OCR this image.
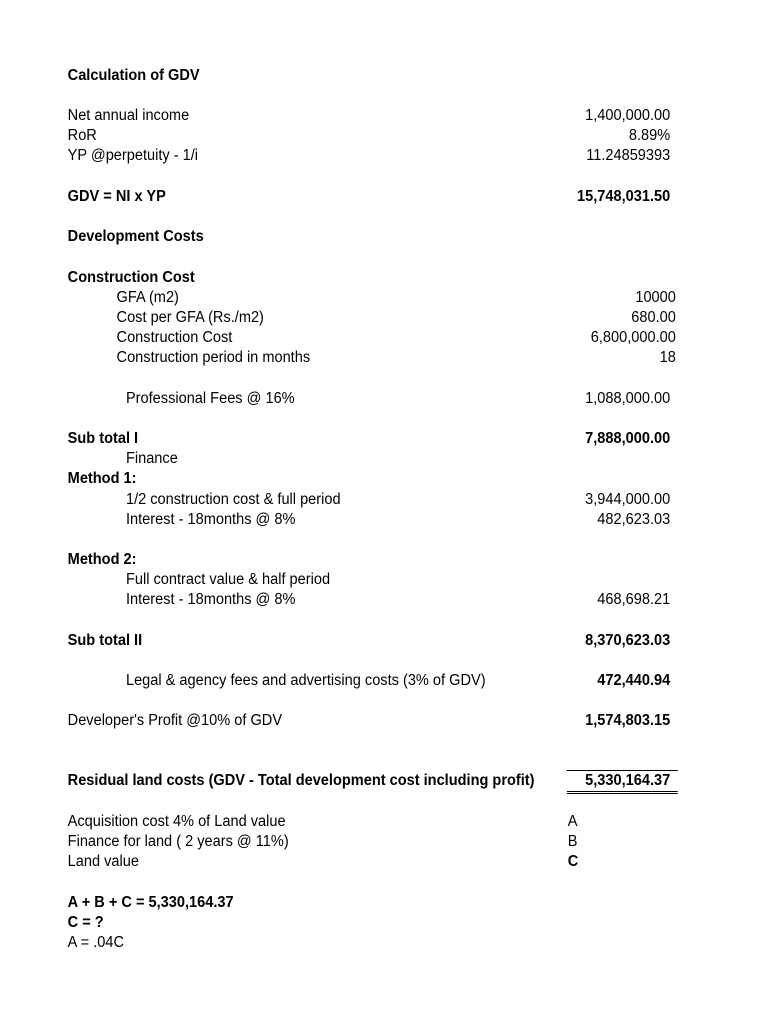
Calculation of GDV
Net annual income	1,400,000.00
RoR	8.89%
YP @perpetuity - 1/i	11.24859393
GDV = NI x YP	15,748,031.50
Development Costs
Construction Cost
GFA (m2)	10000
Cost per GFA (Rs./m2)	680.00
Construction Cost	6,800,000.00
Construction period in months	18
Professional Fees @ 16%	1,088,000.00
Sub total I	7,888,000.00
Finance
Method 1:
1/2 construction cost & full period	3,944,000.00
Interest - 18months @ 8%	482,623.03
Method 2:
Full contract value & half period
Interest - 18months @ 8%	468,698.21
Sub total II	8,370,623.03
Legal & agency fees and advertising costs (3% of GDV)	472,440.94
Developer's Profit @10% of GDV	1,574,803.15
Residual land costs (GDV - Total development cost including profit)	5,330,164.37
Acquisition cost 4% of Land value	A
Finance for land ( 2 years @ 11%)	B
Land value	C
A + B + C = 5,330,164.37
C = ?
A = .04C
